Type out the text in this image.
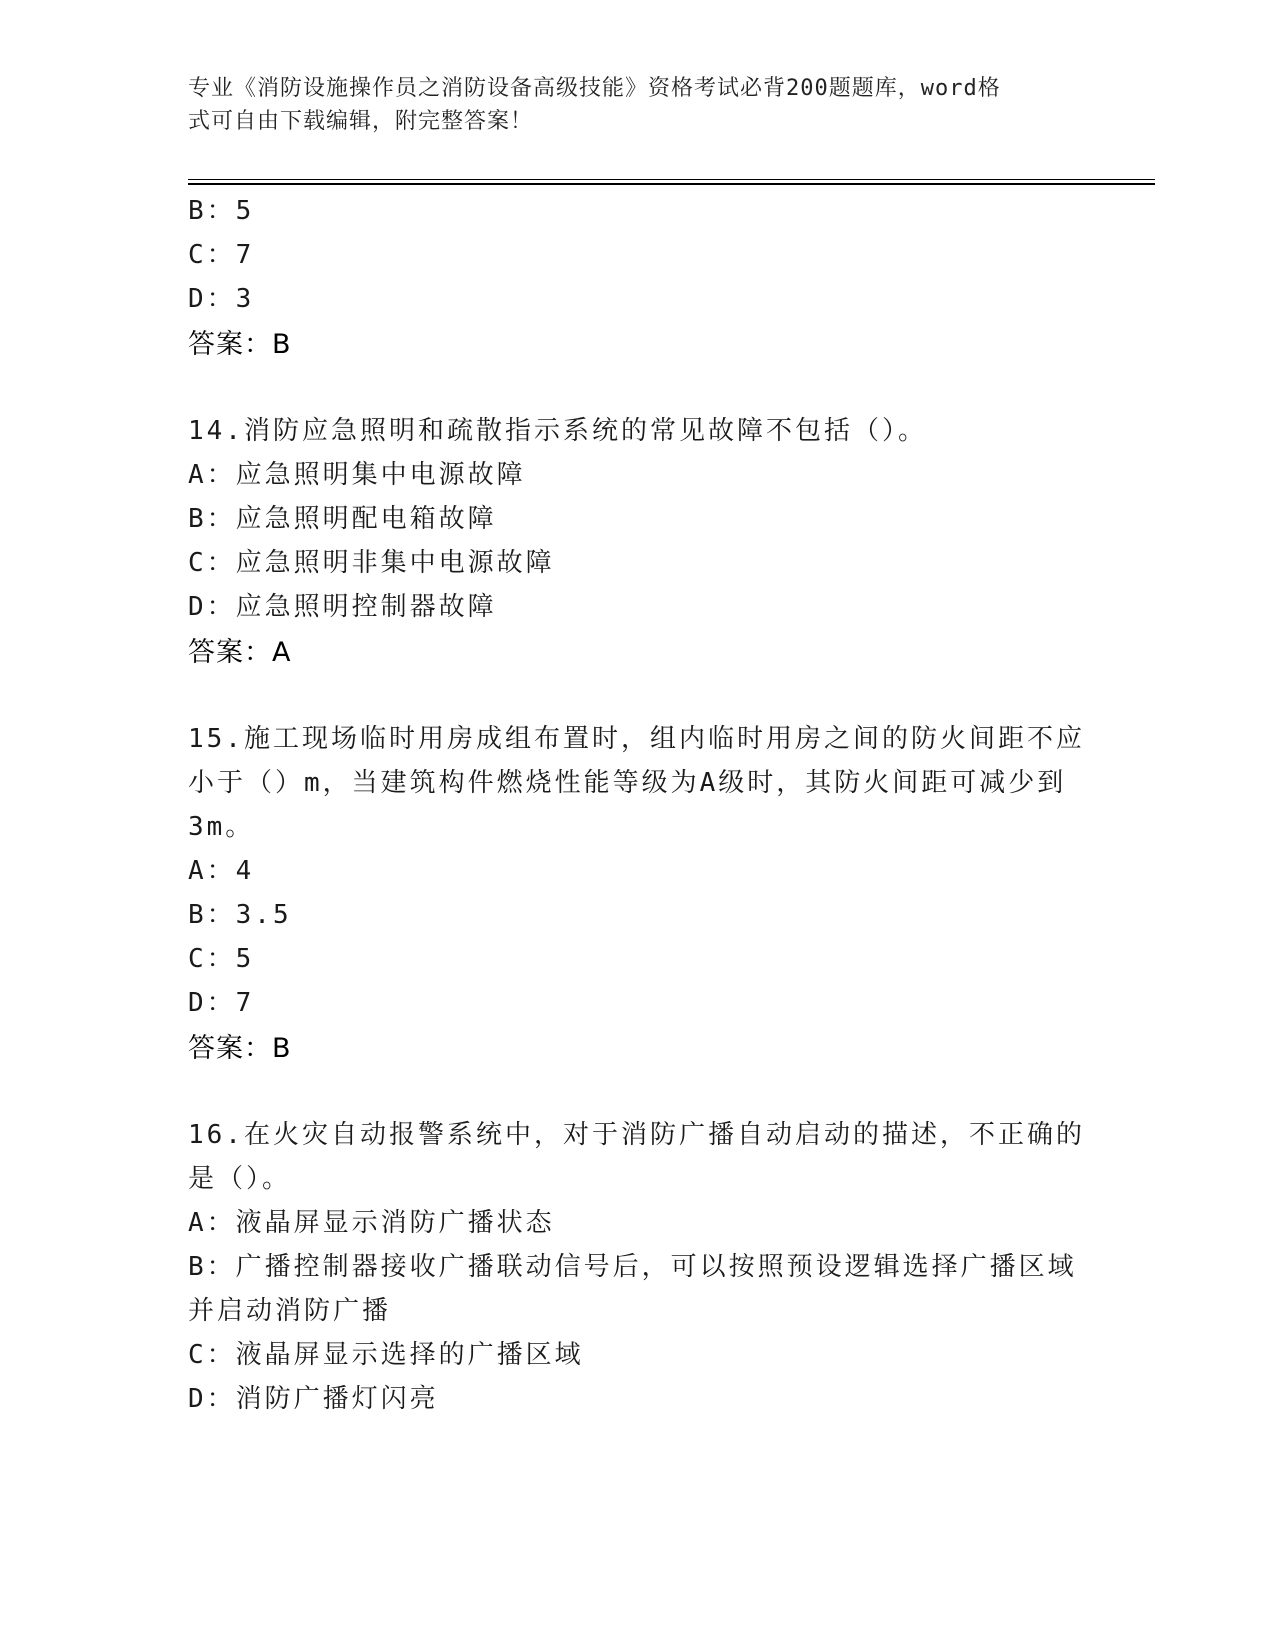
专业《消防设施操作员之消防设备高级技能》资格考试必背200题题库，word格
式可自由下载编辑，附完整答案！
B：5
C：7
D：3
答案：B
14.消防应急照明和疏散指示系统的常见故障不包括（）。
A：应急照明集中电源故障
B：应急照明配电箱故障
C：应急照明非集中电源故障
D：应急照明控制器故障
答案：A
15.施工现场临时用房成组布置时，组内临时用房之间的防火间距不应
小于（）m，当建筑构件燃烧性能等级为A级时，其防火间距可减少到
3m。
A：4
B：3.5
C：5
D：7
答案：B
16.在火灾自动报警系统中，对于消防广播自动启动的描述，不正确的
是（）。
A：液晶屏显示消防广播状态
B：广播控制器接收广播联动信号后，可以按照预设逻辑选择广播区域
并启动消防广播
C：液晶屏显示选择的广播区域
D：消防广播灯闪亮
